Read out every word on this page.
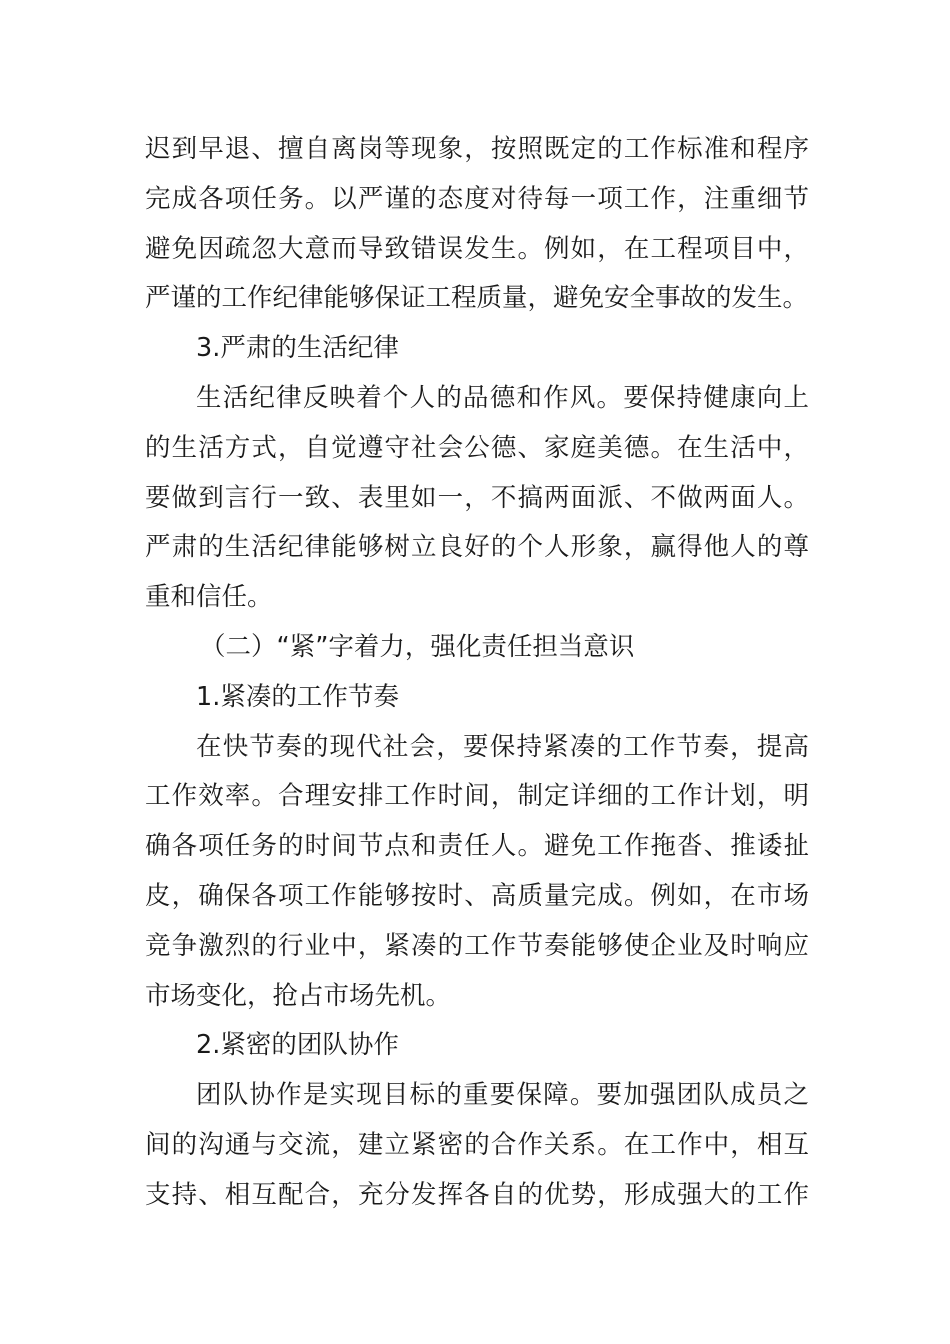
迟到早退、擅自离岗等现象，按照既定的工作标准和程序
完成各项任务。以严谨的态度对待每一项工作，注重细节
避免因疏忽大意而导致错误发生。例如，在工程项目中，
严谨的工作纪律能够保证工程质量，避免安全事故的发生。
3.严肃的生活纪律
生活纪律反映着个人的品德和作风。要保持健康向上
的生活方式，自觉遵守社会公德、家庭美德。在生活中，
要做到言行一致、表里如一，不搞两面派、不做两面人。
严肃的生活纪律能够树立良好的个人形象，赢得他人的尊
重和信任。
（二）“紧”字着力，强化责任担当意识
1.紧凑的工作节奏
在快节奏的现代社会，要保持紧凑的工作节奏，提高
工作效率。合理安排工作时间，制定详细的工作计划，明
确各项任务的时间节点和责任人。避免工作拖沓、推诿扯
皮，确保各项工作能够按时、高质量完成。例如，在市场
竞争激烈的行业中，紧凑的工作节奏能够使企业及时响应
市场变化，抢占市场先机。
2.紧密的团队协作
团队协作是实现目标的重要保障。要加强团队成员之
间的沟通与交流，建立紧密的合作关系。在工作中，相互
支持、相互配合，充分发挥各自的优势，形成强大的工作
